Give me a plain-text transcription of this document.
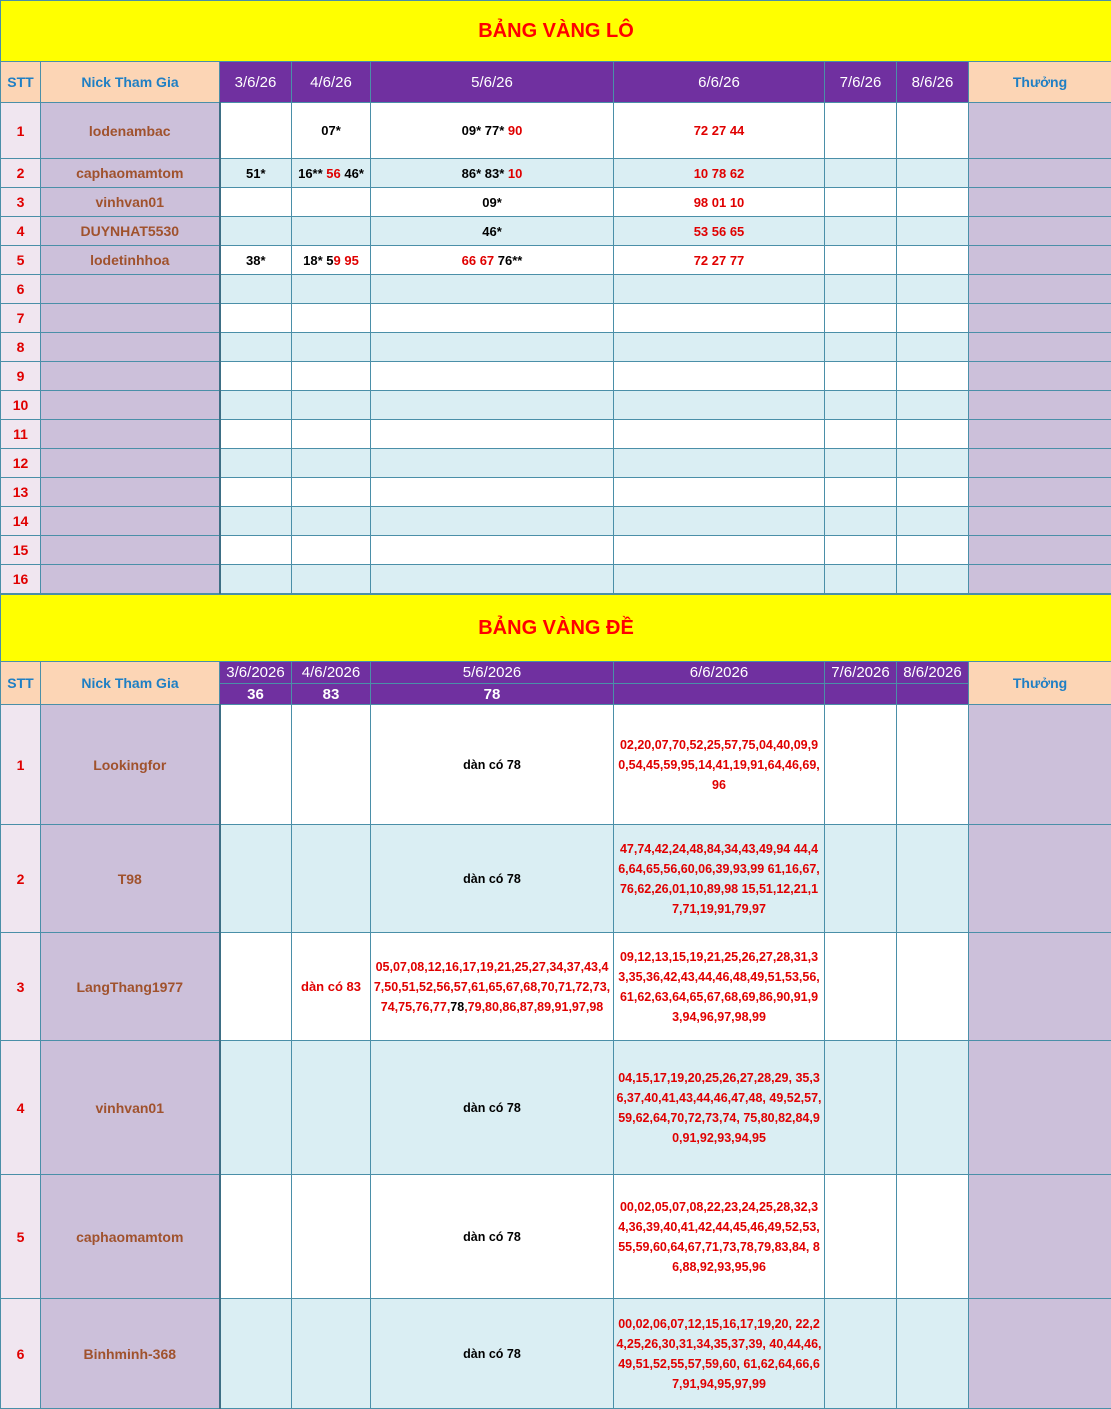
BẢNG VÀNG LÔ								
STT	Nick Tham Gia	3/6/26	4/6/26	5/6/26	6/6/26	7/6/26	8/6/26	Thưởng
1	lodenambac		07*	09* 77* 90	72 27 44			
2	caphaomamtom	51*	16** 56 46*	86* 83* 10	10 78 62			
3	vinhvan01			09*	98 01 10			
4	DUYNHAT5530			46*	53 56 65			
5	lodetinhhoa	38*	18* 59 95	66 67 76**	72 27 77			
6								
7								
8								
9								
10								
11								
12								
13								
14								
15								
16								
BẢNG VÀNG ĐỀ								
STT	Nick Tham Gia	3/6/2026	4/6/2026	5/6/2026	6/6/2026	7/6/2026	8/6/2026	Thưởng
		36	83	78				
1	Lookingfor			dàn có 78	02,20,07,70,52,25,57,75,04,40,09,90,54,45,59,95,14,41,19,91,64,46,69,96			
2	T98			dàn có 78	47,74,42,24,48,84,34,43,49,94 44,46,64,65,56,60,06,39,93,99 61,16,67,76,62,26,01,10,89,98 15,51,12,21,17,71,19,91,79,97			
3	LangThang1977		dàn có 83	05,07,08,12,16,17,19,21,25,27,34,37,43,47,50,51,52,56,57,61,65,67,68,70,71,72,73,74,75,76,77,78,79,80,86,87,89,91,97,98	09,12,13,15,19,21,25,26,27,28,31,33,35,36,42,43,44,46,48,49,51,53,56,61,62,63,64,65,67,68,69,86,90,91,93,94,96,97,98,99			
4	vinhvan01			dàn có 78	04,15,17,19,20,25,26,27,28,29, 35,36,37,40,41,43,44,46,47,48, 49,52,57,59,62,64,70,72,73,74, 75,80,82,84,90,91,92,93,94,95			
5	caphaomamtom			dàn có 78	00,02,05,07,08,22,23,24,25,28,32,34,36,39,40,41,42,44,45,46,49,52,53,55,59,60,64,67,71,73,78,79,83,84, 86,88,92,93,95,96			
6	Binhminh-368			dàn có 78	00,02,06,07,12,15,16,17,19,20, 22,24,25,26,30,31,34,35,37,39, 40,44,46,49,51,52,55,57,59,60, 61,62,64,66,67,91,94,95,97,99			
